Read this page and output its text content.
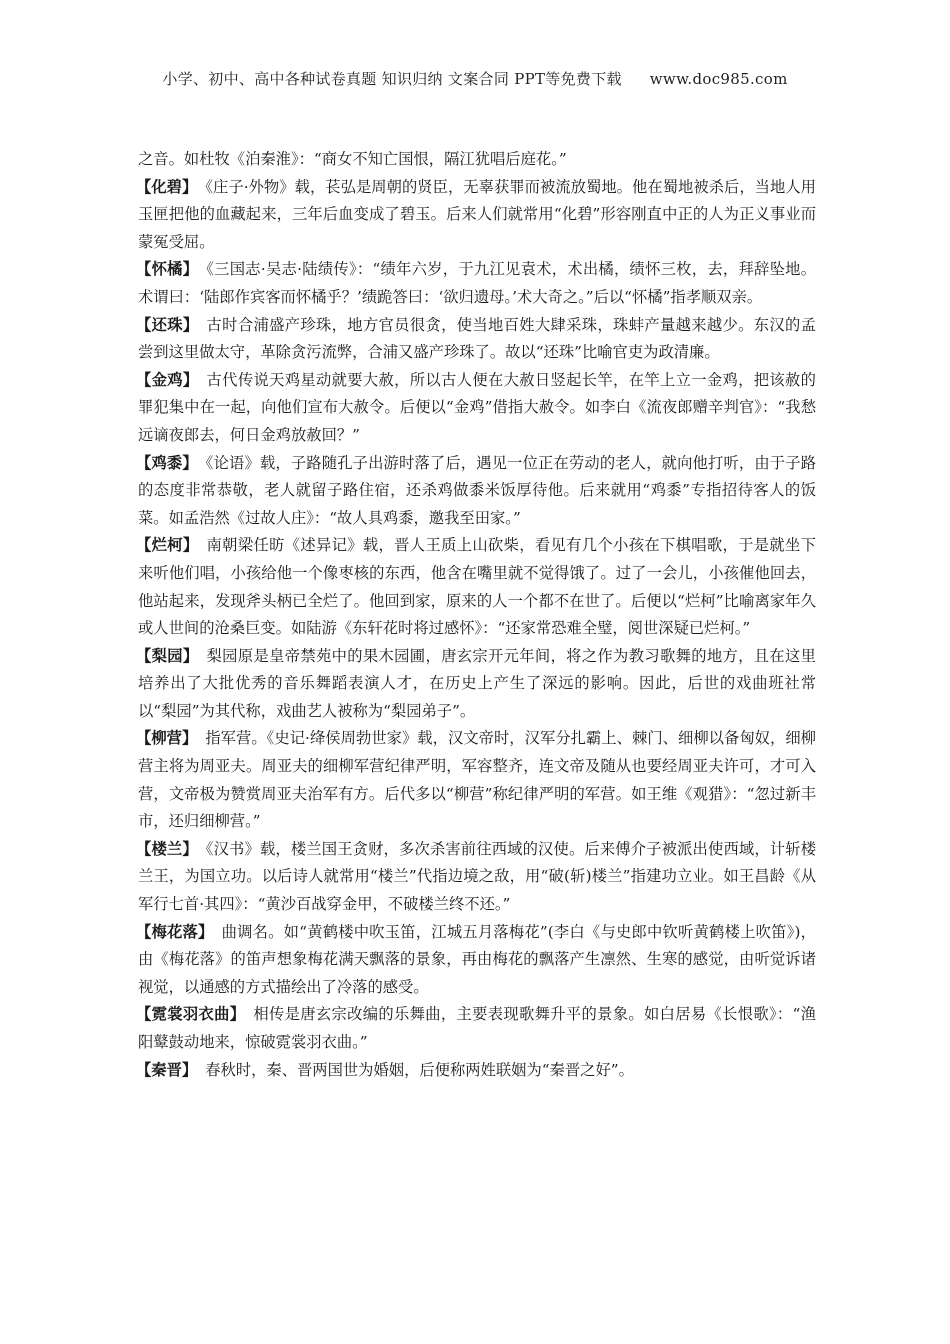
小学、初中、高中各种试卷真题 知识归纳 文案合同 PPT等免费下载 www.doc985.com

之音。如杜牧《泊秦淮》：“商女不知亡国恨，隔江犹唱后庭花。”

【化碧】 《庄子·外物》载，苌弘是周朝的贤臣，无辜获罪而被流放蜀地。他在蜀地被杀后，当地人用玉匣把他的血藏起来，三年后血变成了碧玉。后来人们就常用“化碧”形容刚直中正的人为正义事业而蒙冤受屈。

【怀橘】 《三国志·吴志·陆绩传》：“绩年六岁，于九江见袁术，术出橘，绩怀三枚，去，拜辞坠地。术谓曰：‘陆郎作宾客而怀橘乎？’绩跪答曰：‘欲归遗母。’术大奇之。”后以“怀橘”指孝顺双亲。

【还珠】 古时合浦盛产珍珠，地方官员很贪，使当地百姓大肆采珠，珠蚌产量越来越少。东汉的孟尝到这里做太守，革除贪污流弊，合浦又盛产珍珠了。故以“还珠”比喻官吏为政清廉。

【金鸡】 古代传说天鸡星动就要大赦，所以古人便在大赦日竖起长竿，在竿上立一金鸡，把该赦的罪犯集中在一起，向他们宣布大赦令。后便以“金鸡”借指大赦令。如李白《流夜郎赠辛判官》：“我愁远谪夜郎去，何日金鸡放赦回？”

【鸡黍】 《论语》载，子路随孔子出游时落了后，遇见一位正在劳动的老人，就向他打听，由于子路的态度非常恭敬，老人就留子路住宿，还杀鸡做黍米饭厚待他。后来就用“鸡黍”专指招待客人的饭菜。如孟浩然《过故人庄》：“故人具鸡黍，邀我至田家。”

【烂柯】 南朝梁任昉《述异记》载，晋人王质上山砍柴，看见有几个小孩在下棋唱歌，于是就坐下来听他们唱，小孩给他一个像枣核的东西，他含在嘴里就不觉得饿了。过了一会儿，小孩催他回去，他站起来，发现斧头柄已全烂了。他回到家，原来的人一个都不在世了。后便以“烂柯”比喻离家年久或人世间的沧桑巨变。如陆游《东轩花时将过感怀》：“还家常恐难全璧，阅世深疑已烂柯。”

【梨园】 梨园原是皇帝禁苑中的果木园圃，唐玄宗开元年间，将之作为教习歌舞的地方，且在这里培养出了大批优秀的音乐舞蹈表演人才，在历史上产生了深远的影响。因此，后世的戏曲班社常以“梨园”为其代称，戏曲艺人被称为“梨园弟子”。

【柳营】 指军营。《史记·绛侯周勃世家》载，汉文帝时，汉军分扎霸上、棘门、细柳以备匈奴，细柳营主将为周亚夫。周亚夫的细柳军营纪律严明，军容整齐，连文帝及随从也要经周亚夫许可，才可入营，文帝极为赞赏周亚夫治军有方。后代多以“柳营”称纪律严明的军营。如王维《观猎》：“忽过新丰市，还归细柳营。”

【楼兰】 《汉书》载，楼兰国王贪财，多次杀害前往西域的汉使。后来傅介子被派出使西域，计斩楼兰王，为国立功。以后诗人就常用“楼兰”代指边境之敌，用“破(斩)楼兰”指建功立业。如王昌龄《从军行七首·其四》：“黄沙百战穿金甲，不破楼兰终不还。”

【梅花落】 曲调名。如“黄鹤楼中吹玉笛，江城五月落梅花”(李白《与史郎中钦听黄鹤楼上吹笛》)，由《梅花落》的笛声想象梅花满天飘落的景象，再由梅花的飘落产生凛然、生寒的感觉，由听觉诉诸视觉，以通感的方式描绘出了冷落的感受。

【霓裳羽衣曲】 相传是唐玄宗改编的乐舞曲，主要表现歌舞升平的景象。如白居易《长恨歌》：“渔阳鼙鼓动地来，惊破霓裳羽衣曲。”

【秦晋】 春秋时，秦、晋两国世为婚姻，后便称两姓联姻为“秦晋之好”。
